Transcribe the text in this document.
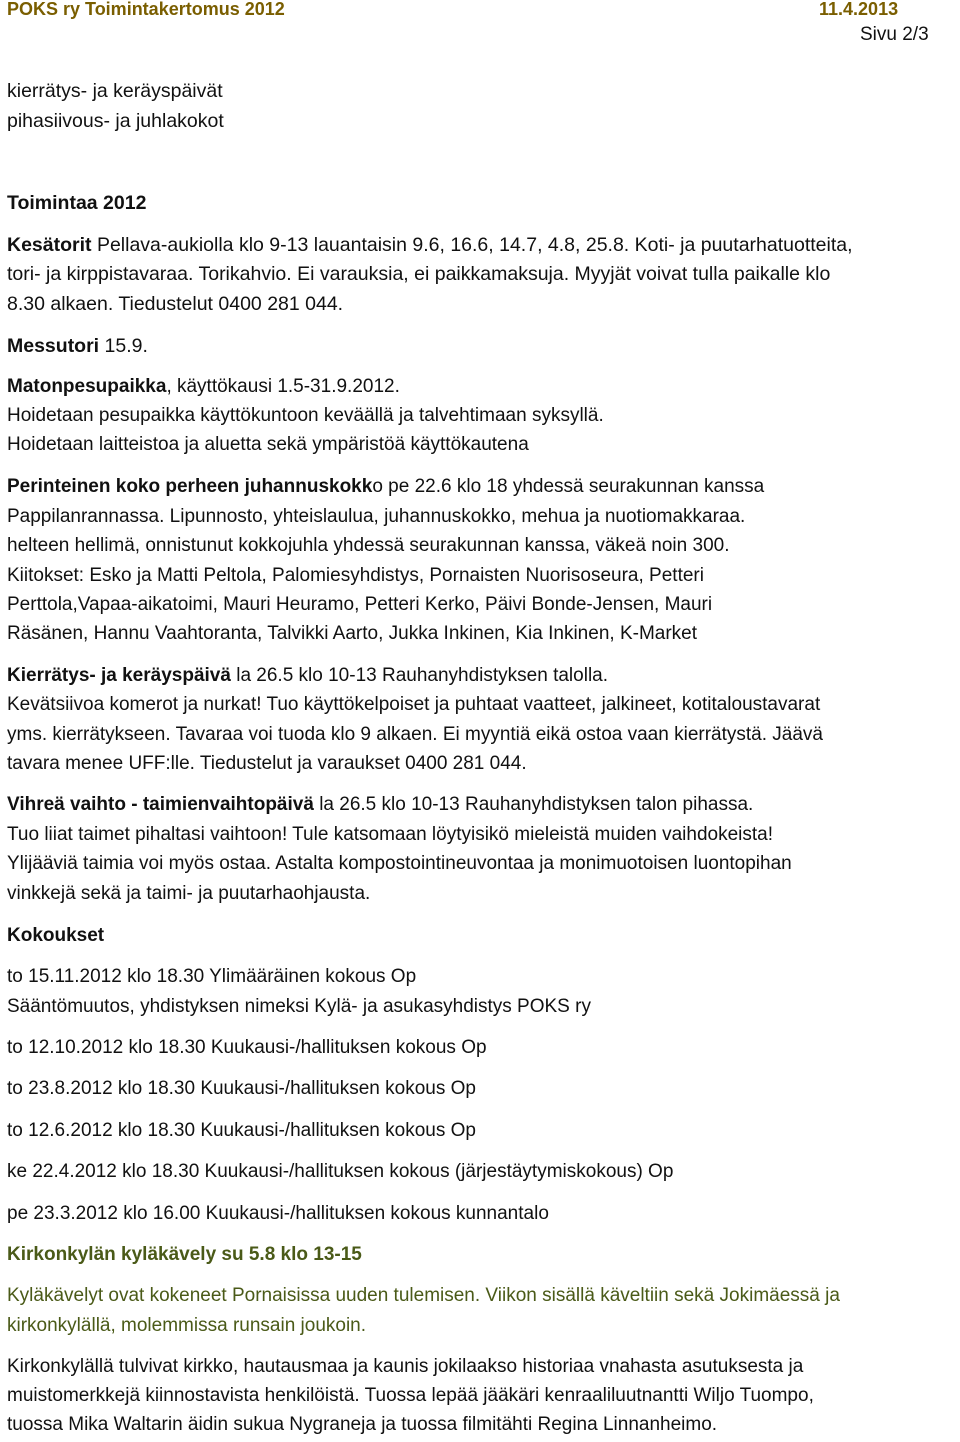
POKS ry Toimintakertomus 2012	11.4.2013
Sivu 2/3
kierrätys- ja keräyspäivät
pihasiivous- ja juhlakokot
Toimintaa 2012
Kesätorit Pellava-aukiolla klo 9-13 lauantaisin 9.6, 16.6, 14.7, 4.8, 25.8. Koti- ja puutarhatuotteita,
tori- ja kirppistavaraa. Torikahvio. Ei varauksia, ei paikkamaksuja. Myyjät voivat tulla paikalle klo
8.30 alkaen. Tiedustelut 0400 281 044.
Messutori 15.9.
Matonpesupaikka, käyttökausi 1.5-31.9.2012.
Hoidetaan pesupaikka käyttökuntoon keväällä ja talvehtimaan syksyllä.
Hoidetaan laitteistoa ja aluetta sekä ympäristöä käyttökautena
Perinteinen koko perheen juhannuskokko pe 22.6 klo 18 yhdessä seurakunnan kanssa
Pappilanrannassa. Lipunnosto, yhteislaulua, juhannuskokko, mehua ja nuotiomakkaraa.
helteen hellimä, onnistunut kokkojuhla yhdessä seurakunnan kanssa, väkeä noin 300.
Kiitokset: Esko ja Matti Peltola, Palomiesyhdistys, Pornaisten Nuorisoseura, Petteri
Perttola,Vapaa-aikatoimi, Mauri Heuramo, Petteri Kerko, Päivi Bonde-Jensen, Mauri
Räsänen, Hannu Vaahtoranta, Talvikki Aarto, Jukka Inkinen, Kia Inkinen, K-Market
Kierrätys- ja keräyspäivä la 26.5 klo 10-13 Rauhanyhdistyksen talolla.
Kevätsiivoa komerot ja nurkat! Tuo käyttökelpoiset ja puhtaat vaatteet, jalkineet, kotitaloustavarat
yms. kierrätykseen. Tavaraa voi tuoda klo 9 alkaen. Ei myyntiä eikä ostoa vaan kierrätystä. Jäävä
tavara menee UFF:lle. Tiedustelut ja varaukset 0400 281 044.
Vihreä vaihto - taimienvaihtopäivä la 26.5 klo 10-13 Rauhanyhdistyksen talon pihassa.
Tuo liiat taimet pihaltasi vaihtoon! Tule katsomaan löytyisikö mieleistä muiden vaihdokeista!
Ylijääviä taimia voi myös ostaa. Astalta kompostointineuvontaa ja monimuotoisen luontopihan
vinkkejä sekä ja taimi- ja puutarhaohjausta.
Kokoukset
to 15.11.2012 klo 18.30 Ylimääräinen kokous Op
Sääntömuutos, yhdistyksen nimeksi Kylä- ja asukasyhdistys POKS ry
to 12.10.2012 klo 18.30 Kuukausi-/hallituksen kokous Op
to 23.8.2012 klo 18.30 Kuukausi-/hallituksen kokous Op
to 12.6.2012 klo 18.30 Kuukausi-/hallituksen kokous Op
ke 22.4.2012 klo 18.30 Kuukausi-/hallituksen kokous (järjestäytymiskokous) Op
pe 23.3.2012 klo 16.00 Kuukausi-/hallituksen kokous kunnantalo
Kirkonkylän kyläkävely su 5.8 klo 13-15
Kyläkävelyt ovat kokeneet Pornaisissa uuden tulemisen. Viikon sisällä käveltiin sekä Jokimäessä ja
kirkonkylällä, molemmissa runsain joukoin.
Kirkonkylällä tulvivat kirkko, hautausmaa ja kaunis jokilaakso historiaa vnahasta asutuksesta ja
muistomerkkejä kiinnostavista henkilöistä. Tuossa lepää jääkäri kenraaliluutnantti Wiljo Tuompo,
tuossa Mika Waltarin äidin sukua Nygraneja ja tuossa filmitähti Regina Linnanheimo.
